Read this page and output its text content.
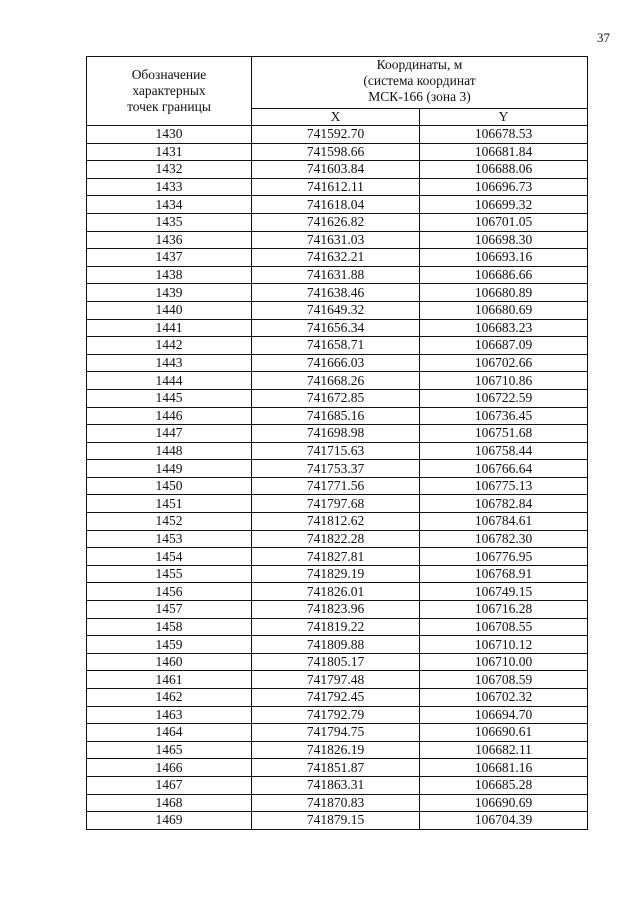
37
Обозначение
характерных
точек границы	Координаты, м
(система координат
МСК-166 (зона 3)	

	X	Y
1430	741592.70	106678.53
1431	741598.66	106681.84
1432	741603.84	106688.06
1433	741612.11	106696.73
1434	741618.04	106699.32
1435	741626.82	106701.05
1436	741631.03	106698.30
1437	741632.21	106693.16
1438	741631.88	106686.66
1439	741638.46	106680.89
1440	741649.32	106680.69
1441	741656.34	106683.23
1442	741658.71	106687.09
1443	741666.03	106702.66
1444	741668.26	106710.86
1445	741672.85	106722.59
1446	741685.16	106736.45
1447	741698.98	106751.68
1448	741715.63	106758.44
1449	741753.37	106766.64
1450	741771.56	106775.13
1451	741797.68	106782.84
1452	741812.62	106784.61
1453	741822.28	106782.30
1454	741827.81	106776.95
1455	741829.19	106768.91
1456	741826.01	106749.15
1457	741823.96	106716.28
1458	741819.22	106708.55
1459	741809.88	106710.12
1460	741805.17	106710.00
1461	741797.48	106708.59
1462	741792.45	106702.32
1463	741792.79	106694.70
1464	741794.75	106690.61
1465	741826.19	106682.11
1466	741851.87	106681.16
1467	741863.31	106685.28
1468	741870.83	106690.69
1469	741879.15	106704.39
